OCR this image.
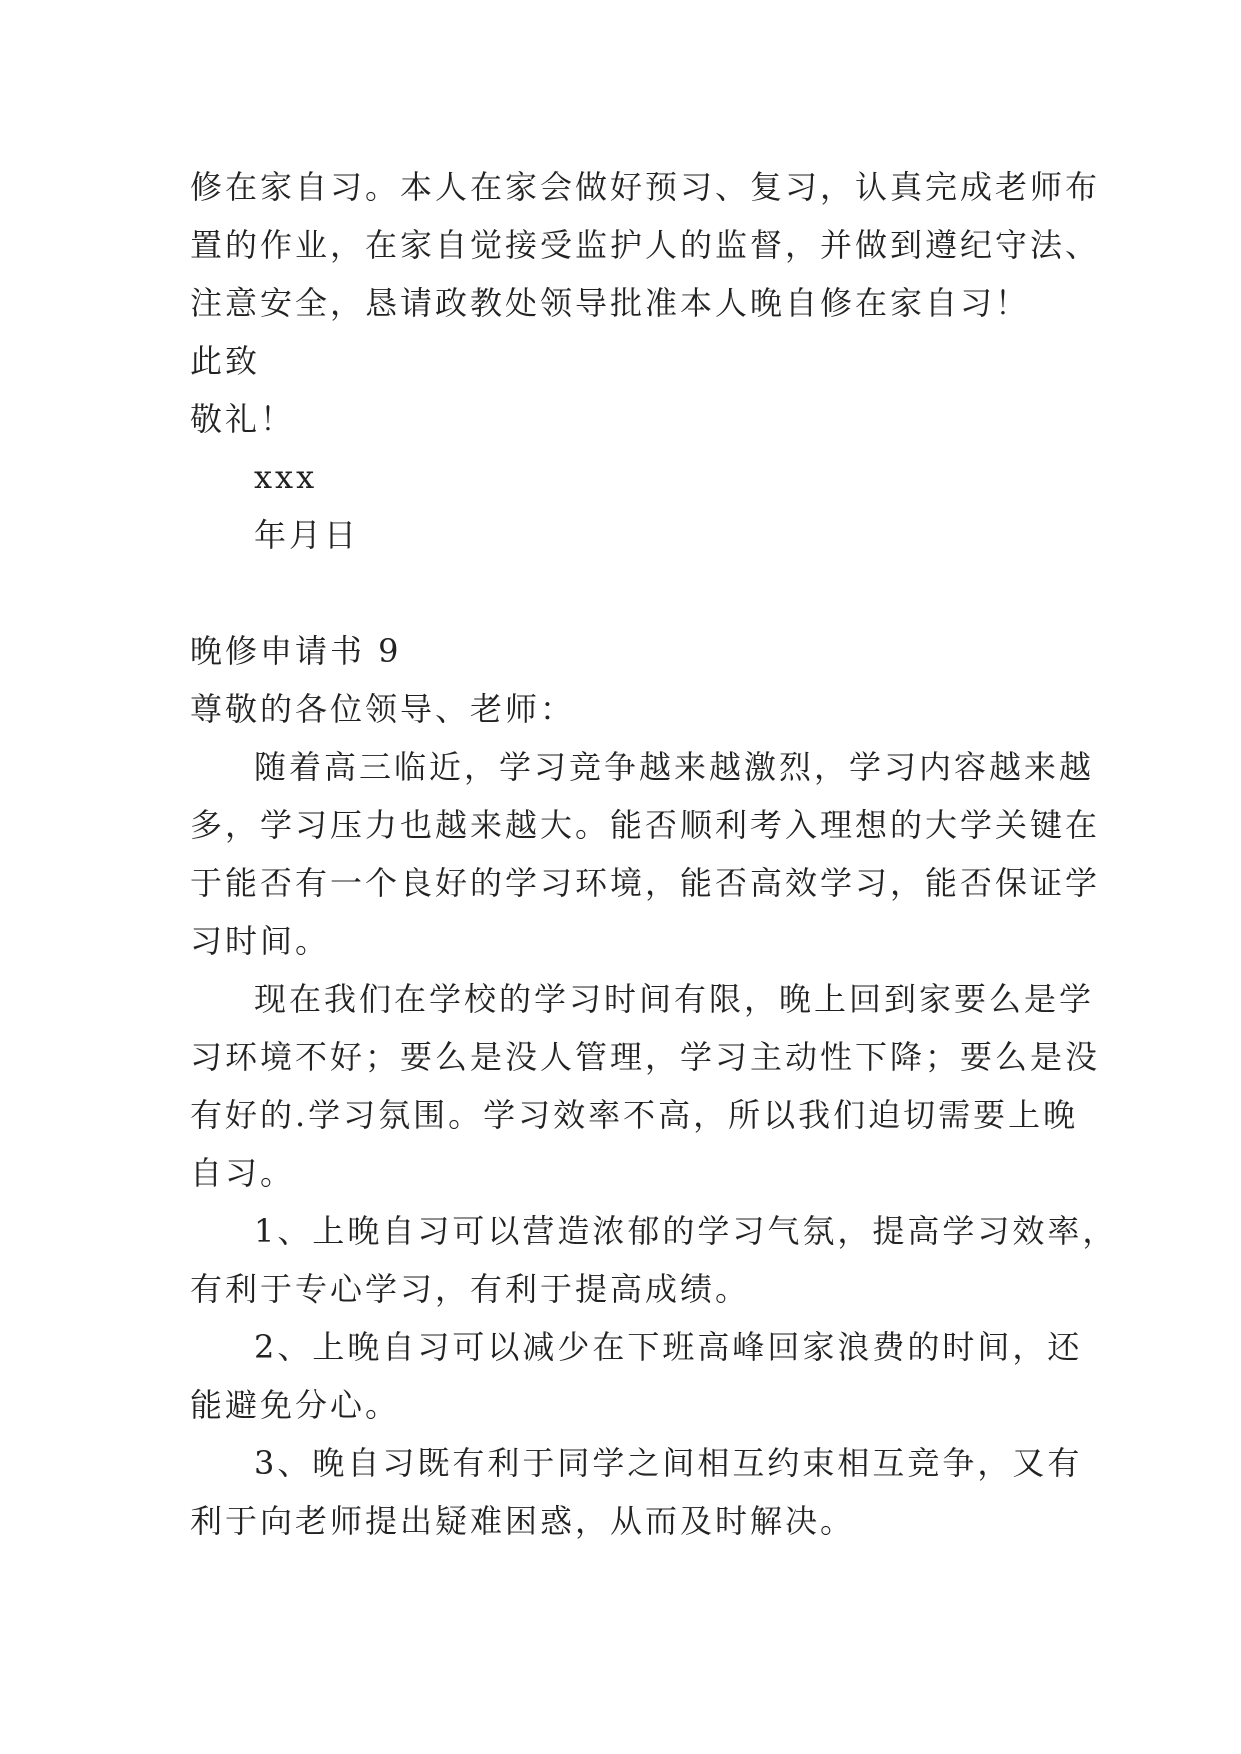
修在家自习。本人在家会做好预习、复习，认真完成老师布
置的作业，在家自觉接受监护人的监督，并做到遵纪守法、
注意安全，恳请政教处领导批准本人晚自修在家自习！
此致
敬礼！
xxx
年月日
晚修申请书 9
尊敬的各位领导、老师：
随着高三临近，学习竞争越来越激烈，学习内容越来越
多，学习压力也越来越大。能否顺利考入理想的大学关键在
于能否有一个良好的学习环境，能否高效学习，能否保证学
习时间。
现在我们在学校的学习时间有限，晚上回到家要么是学
习环境不好；要么是没人管理，学习主动性下降；要么是没
有好的.学习氛围。学习效率不高，所以我们迫切需要上晚
自习。
1、上晚自习可以营造浓郁的学习气氛，提高学习效率，
有利于专心学习，有利于提高成绩。
2、上晚自习可以减少在下班高峰回家浪费的时间，还
能避免分心。
3、晚自习既有利于同学之间相互约束相互竞争，又有
利于向老师提出疑难困惑，从而及时解决。
